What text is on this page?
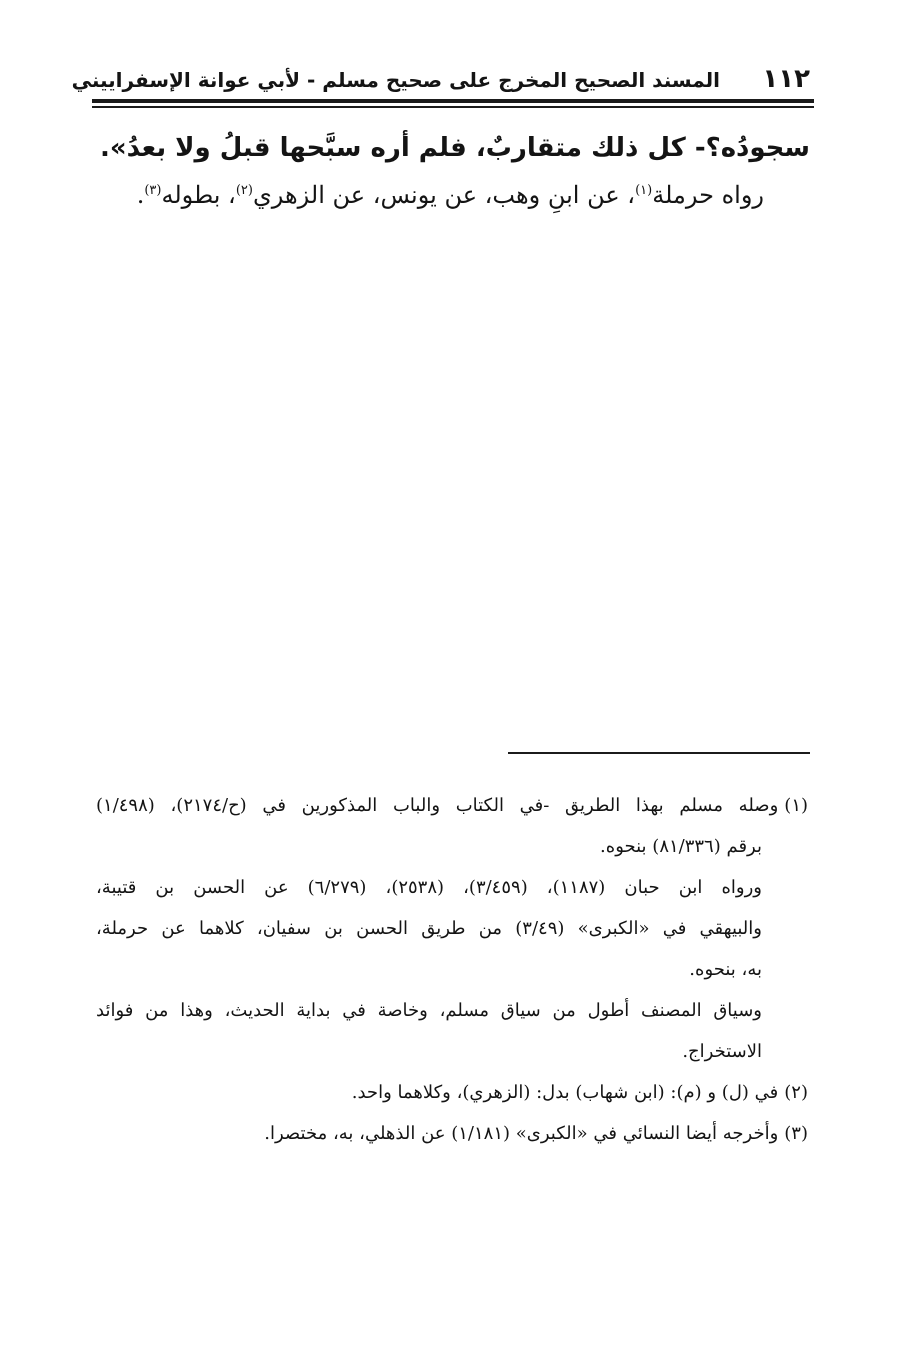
١١٢
المسند الصحيح المخرج على صحيح مسلم - لأبي عوانة الإسفراييني
سجودُه؟- كل ذلك متقاربٌ، فلم أره سبَّحها قبلُ ولا بعدُ».
رواه حرملة$^{(١)}$، عن ابنِ وهب، عن يونس، عن الزهري$^{(٢)}$، بطوله$^{(٣)}$.
(١)وصله مسلم بهذا الطريق -في الكتاب والباب المذكورين في (ح/٢١٧٤)، (١/٤٩٨)
برقم (٨١/٣٣٦) بنحوه.
ورواه ابن حبان (١١٨٧)، (٣/٤٥٩)، (٢٥٣٨)، (٦/٢٧٩) عن الحسن بن قتيبة،
والبيهقي في «الكبرى» (٣/٤٩) من طريق الحسن بن سفيان، كلاهما عن حرملة،
به، بنحوه.
وسياق المصنف أطول من سياق مسلم، وخاصة في بداية الحديث، وهذا من فوائد
الاستخراج.
(٢)في (ل) و (م): (ابن شهاب) بدل: (الزهري)، وكلاهما واحد.
(٣)وأخرجه أيضا النسائي في «الكبرى» (١/١٨١) عن الذهلي، به، مختصرا.
